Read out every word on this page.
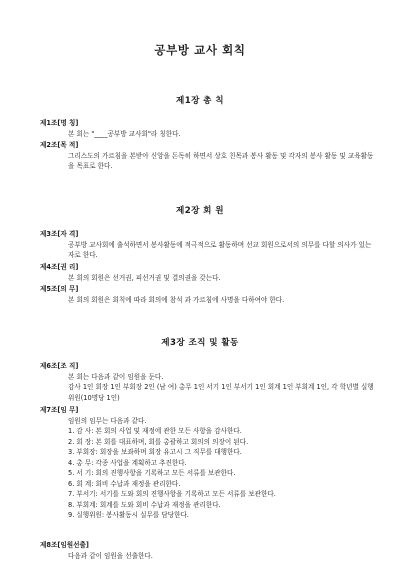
공부방 교사 회칙
제1장 총 칙
제1조[명 칭]
본 회는 "____공부방 교사회"라 칭한다.
제2조[목 적]
그리스도의 가르침을 본받아 신앙을 돈독히 하면서 상호 친목과 봉사 활동 및 각자의 봉사 활동 및 교육활동을 목표로 한다.
제2장 회 원
제3조[자 격]
공부방 교사회에 출석하면서 봉사활동에 적극적으로 활동하며 선교 회원으로서의 의무를 다할 의사가 있는자로 한다.
제4조[권 리]
본 회의 회원은 선거권, 피선거권 및 결의권을 갖는다.
제5조[의 무]
본 회의 회원은 회칙에 따라 회의에 참석 과 가르침에 사명을 다하여야 한다.
제3장 조직 및 활동
제6조[조 직]
본 회는 다음과 같이 임원을 둔다.
감사 1인 회장 1인 부회장 2인 (남 여) 총무 1인 서기 1인 부서기 1인 회계 1인 부회계 1인, 각 학년별 실행위원(10명당 1인)
제7조[임 무]
임원의 임무는 다음과 같다.
1. 감 사: 본 회의 사업 및 재정에 관한 모든 사항을 감사한다.
2. 회 장: 본 회를 대표하며, 회를 총괄하고 회의의 의장이 된다.
3. 부회장: 회장을 보좌하며 회장 유고시 그 직무를 대행한다.
4. 총 무: 각종 사업을 계획하고 추진한다.
5. 서 기: 회의 진행사항을 기록하고 모든 서류를 보관한다.
6. 회 계: 회비 수납과 재정을 관리한다.
7. 부서기: 서기를 도와 회의 진행사항을 기록하고 모든 서류를 보관한다.
8. 부회계: 회계를 도와 회비 수납과 재정을 관리한다.
9. 실행위원: 봉사활동시 실무를 담당한다.
제8조[임원선출]
다음과 같이 임원을 선출한다.
